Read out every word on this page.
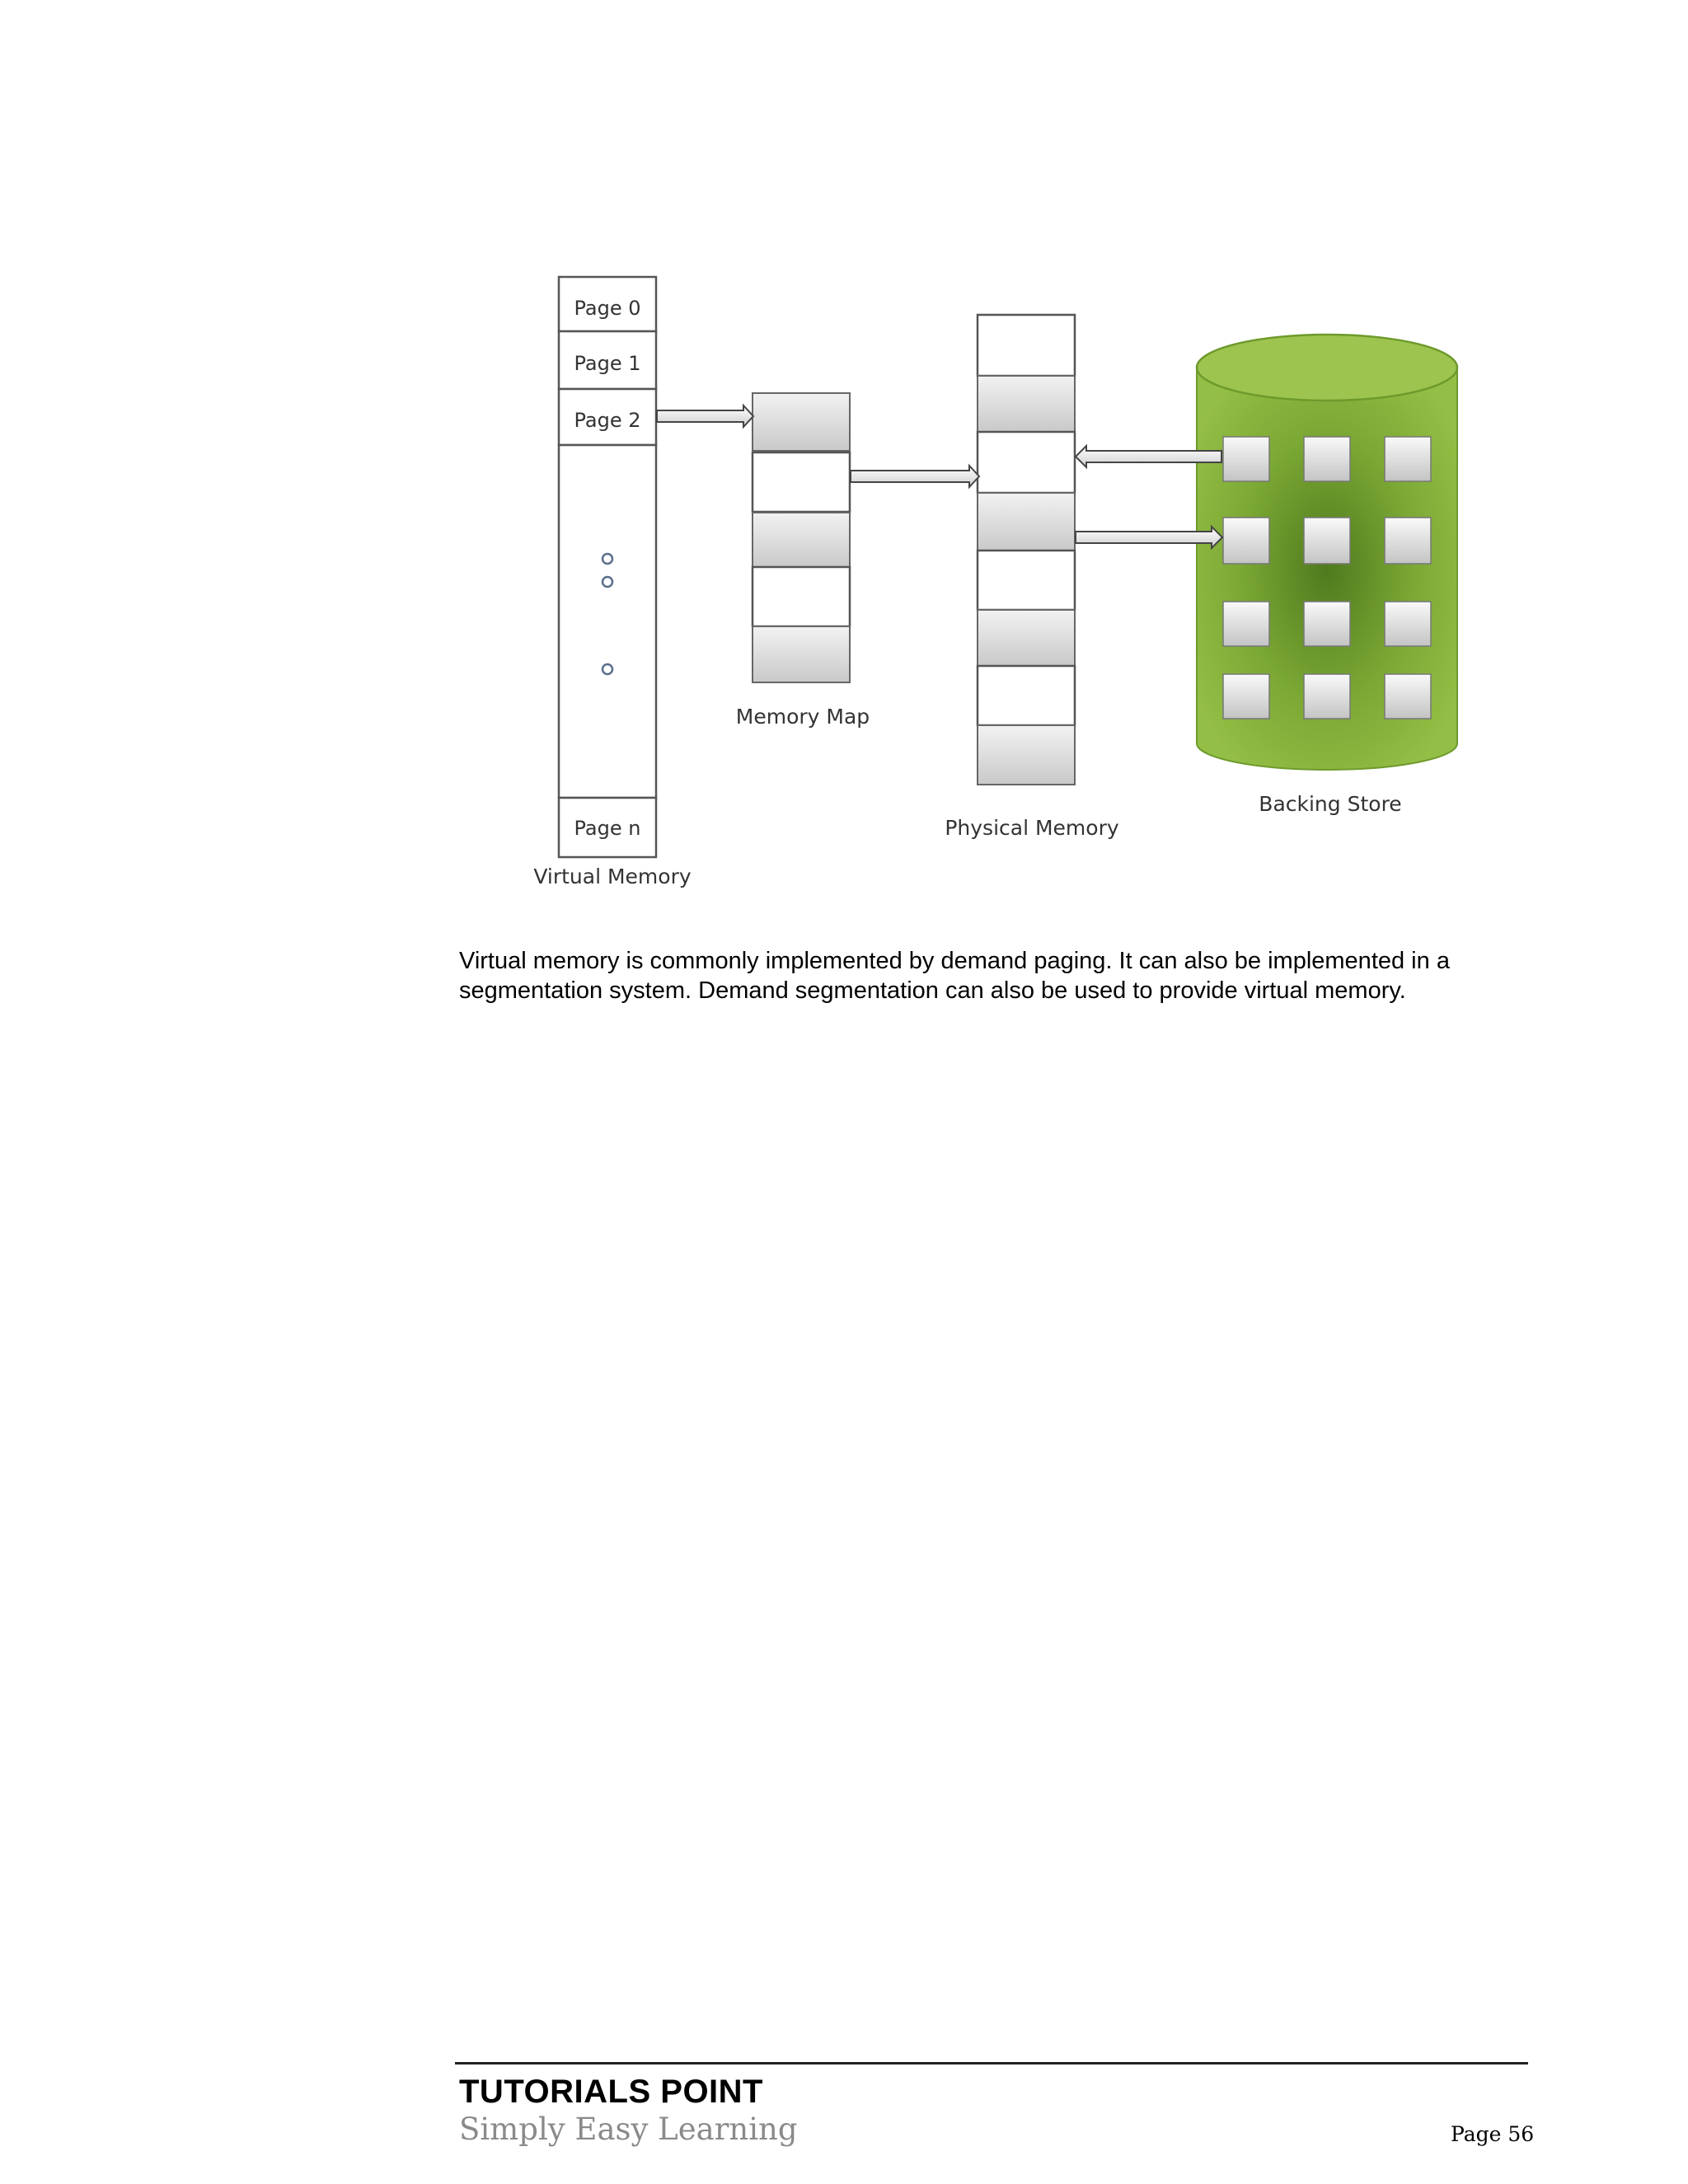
Page 0
Page 1
Page 2
Page n
Virtual Memory
Memory Map
Physical Memory
Backing Store
Virtual memory is commonly implemented by demand paging. It can also be implemented in a
segmentation system. Demand segmentation can also be used to provide virtual memory.
TUTORIALS POINT
Simply Easy Learning	Page 56
